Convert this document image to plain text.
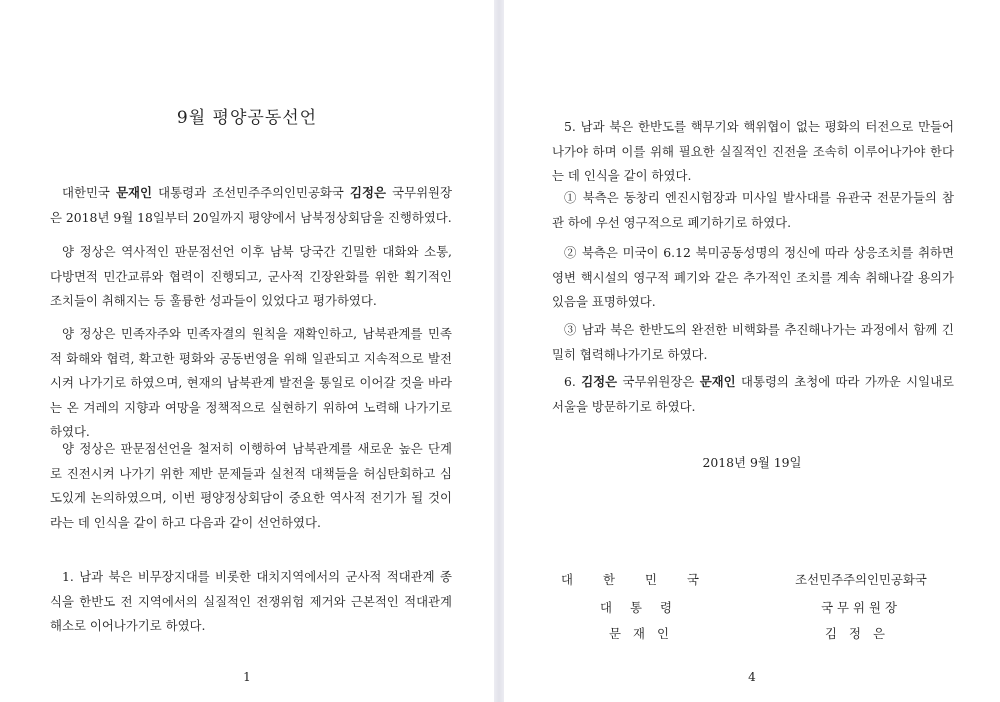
9월 평양공동선언

대한민국 문재인 대통령과 조선민주주의인민공화국 김정은 국무위원장은 2018년 9월 18일부터 20일까지 평양에서 남북정상회담을 진행하였다.

양 정상은 역사적인 판문점선언 이후 남북 당국간 긴밀한 대화와 소통, 다방면적 민간교류와 협력이 진행되고, 군사적 긴장완화를 위한 획기적인 조치들이 취해지는 등 훌륭한 성과들이 있었다고 평가하였다.

양 정상은 민족자주와 민족자결의 원칙을 재확인하고, 남북관계를 민족적 화해와 협력, 확고한 평화와 공동번영을 위해 일관되고 지속적으로 발전시켜 나가기로 하였으며, 현재의 남북관계 발전을 통일로 이어갈 것을 바라는 온 겨레의 지향과 여망을 정책적으로 실현하기 위하여 노력해 나가기로 하였다.

양 정상은 판문점선언을 철저히 이행하여 남북관계를 새로운 높은 단계로 진전시켜 나가기 위한 제반 문제들과 실천적 대책들을 허심탄회하고 심도있게 논의하였으며, 이번 평양정상회담이 중요한 역사적 전기가 될 것이라는 데 인식을 같이 하고 다음과 같이 선언하였다.

1. 남과 북은 비무장지대를 비롯한 대치지역에서의 군사적 적대관계 종식을 한반도 전 지역에서의 실질적인 전쟁위험 제거와 근본적인 적대관계 해소로 이어나가기로 하였다.

1

5. 남과 북은 한반도를 핵무기와 핵위협이 없는 평화의 터전으로 만들어 나가야 하며 이를 위해 필요한 실질적인 진전을 조속히 이루어나가야 한다는 데 인식을 같이 하였다.

① 북측은 동창리 엔진시험장과 미사일 발사대를 유관국 전문가들의 참관 하에 우선 영구적으로 폐기하기로 하였다.

② 북측은 미국이 6.12 북미공동성명의 정신에 따라 상응조치를 취하면 영변 핵시설의 영구적 폐기와 같은 추가적인 조치를 계속 취해나갈 용의가 있음을 표명하였다.

③ 남과 북은 한반도의 완전한 비핵화를 추진해나가는 과정에서 함께 긴밀히 협력해나가기로 하였다.

6. 김정은 국무위원장은 문재인 대통령의 초청에 따라 가까운 시일내로 서울을 방문하기로 하였다.

2018년 9월 19일
대한민국
대통령
문재인
조선민주주의인민공화국
국무위원장
김정은
4
